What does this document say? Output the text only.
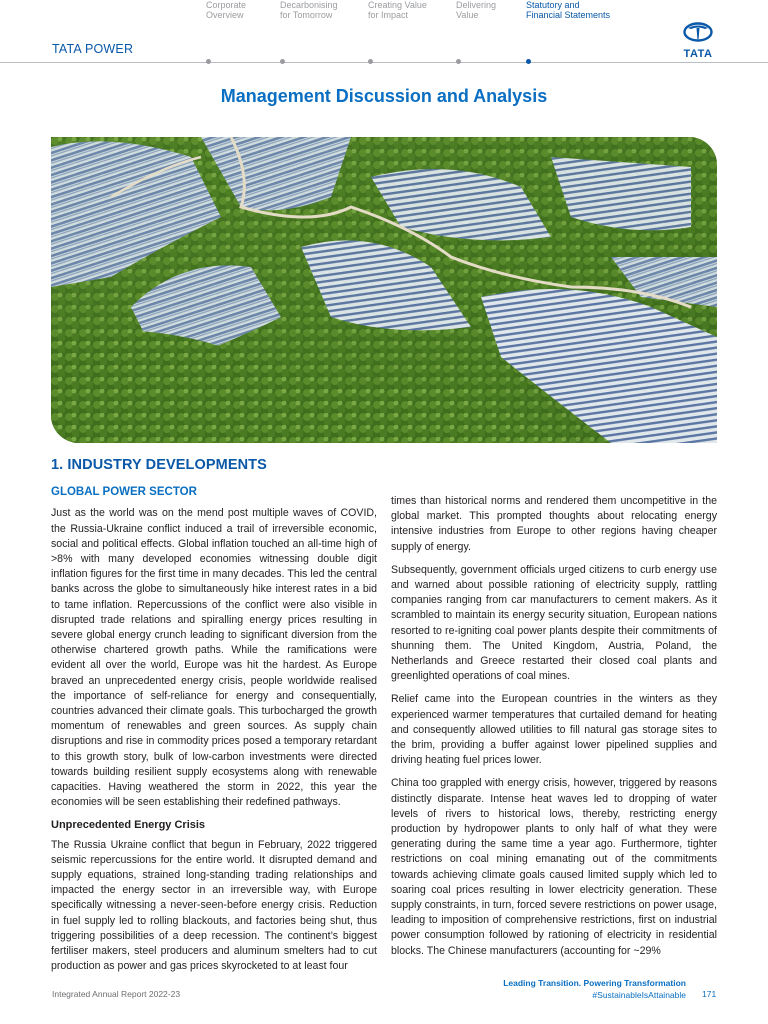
TATA POWER
Corporate
Overview
Decarbonising
for Tomorrow
Creating Value
for Impact
Delivering
Value
Statutory and
Financial Statements
TATA
Management Discussion and Analysis
1. INDUSTRY DEVELOPMENTS
GLOBAL POWER SECTOR

Just as the world was on the mend post multiple waves of COVID, the Russia-Ukraine conflict induced a trail of irreversible economic, social and political effects. Global inflation touched an all-time high of >8% with many developed economies witnessing double digit inflation figures for the first time in many decades. This led the central banks across the globe to simultaneously hike interest rates in a bid to tame inflation. Repercussions of the conflict were also visible in disrupted trade relations and spiralling energy prices resulting in severe global energy crunch leading to significant diversion from the otherwise chartered growth paths. While the ramifications were evident all over the world, Europe was hit the hardest. As Europe braved an unprecedented energy crisis, people worldwide realised the importance of self-reliance for energy and consequentially, countries advanced their climate goals. This turbocharged the growth momentum of renewables and green sources. As supply chain disruptions and rise in commodity prices posed a temporary retardant to this growth story, bulk of low-carbon investments were directed towards building resilient supply ecosystems along with renewable capacities. Having weathered the storm in 2022, this year the economies will be seen establishing their redefined pathways.

Unprecedented Energy Crisis

The Russia Ukraine conflict that begun in February, 2022 triggered seismic repercussions for the entire world. It disrupted demand and supply equations, strained long-standing trading relationships and impacted the energy sector in an irreversible way, with Europe specifically witnessing a never-seen-before energy crisis. Reduction in fuel supply led to rolling blackouts, and factories being shut, thus triggering possibilities of a deep recession. The continent’s biggest fertiliser makers, steel producers and aluminum smelters had to cut production as power and gas prices skyrocketed to at least four

times than historical norms and rendered them uncompetitive in the global market. This prompted thoughts about relocating energy intensive industries from Europe to other regions having cheaper supply of energy.

Subsequently, government officials urged citizens to curb energy use and warned about possible rationing of electricity supply, rattling companies ranging from car manufacturers to cement makers. As it scrambled to maintain its energy security situation, European nations resorted to re-igniting coal power plants despite their commitments of shunning them. The United Kingdom, Austria, Poland, the Netherlands and Greece restarted their closed coal plants and greenlighted operations of coal mines.

Relief came into the European countries in the winters as they experienced warmer temperatures that curtailed demand for heating and consequently allowed utilities to fill natural gas storage sites to the brim, providing a buffer against lower pipelined supplies and driving heating fuel prices lower.

China too grappled with energy crisis, however, triggered by reasons distinctly disparate. Intense heat waves led to dropping of water levels of rivers to historical lows, thereby, restricting energy production by hydropower plants to only half of what they were generating during the same time a year ago. Furthermore, tighter restrictions on coal mining emanating out of the commitments towards achieving climate goals caused limited supply which led to soaring coal prices resulting in lower electricity generation. These supply constraints, in turn, forced severe restrictions on power usage, leading to imposition of comprehensive restrictions, first on industrial power consumption followed by rationing of electricity in residential blocks. The Chinese manufacturers (accounting for ~29%

Integrated Annual Report 2022-23
Leading Transition. Powering Transformation
#SustainableIsAttainable 171
